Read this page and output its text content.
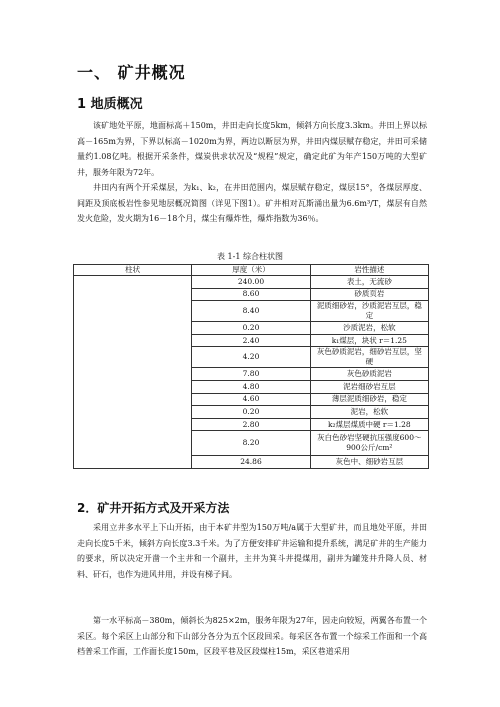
一、 矿井概况
1 地质概况

该矿地处平原，地面标高＋150m，井田走向长度5km，倾斜方向长度3.3km。井田上界以标高－165m为界，下界以标高－1020m为界，两边以断层为界，井田内煤层赋存稳定，井田可采储量约1.08亿吨。根据开采条件，煤炭供求状况及“规程”规定，确定此矿为年产150万吨的大型矿井，服务年限为72年。

井田内有两个开采煤层，为k₁、k₂，在井田范围内，煤层赋存稳定，煤层15°，各煤层厚度、间距及顶底板岩性参见地层概况简图（详见下图1）。矿井相对瓦斯涌出量为6.6m³/T，煤层有自然发火危险，发火期为16－18个月，煤尘有爆炸性，爆炸指数为36％。

表 1-1 综合柱状图

柱状	厚度（米）	岩性描述
	240.00	表土，无流砂
	8.60	砂质页岩
	8.40	泥质细砂岩，沙质泥岩互层，稳定
	0.20	沙质泥岩，松软
	2.40	k₁煤层，块状 r＝1.25
	4.20	灰色砂质泥岩，细砂岩互层，坚硬
	7.80	灰色砂质泥岩
	4.80	泥岩细砂岩互层
	4.60	薄层泥质细砂岩，稳定
	0.20	泥岩，松软
	2.80	k₂煤层煤质中硬 r＝1.28
	8.20	灰白色砂岩坚硬抗压强度600～900公斤/cm²
	24.86	灰色中、细砂岩互层
2．矿井开拓方式及开采方法

采用立井多水平上下山开拓，由于本矿井型为150万吨/a属于大型矿井，而且地处平原，井田走向长度5千米，倾斜方向长度3.3千米。为了方便安排矿井运输和提升系统，满足矿井的生产能力的要求，所以决定开凿一个主井和一个副井，主井为箕斗井提煤用，副井为罐笼井升降人员、材料、矸石，也作为进风井用，并设有梯子间。

第一水平标高－380m，倾斜长为825×2m，服务年限为27年，因走向较短，两翼各布置一个采区。每个采区上山部分和下山部分各分为五个区段回采。每采区各布置一个综采工作面和一个高档普采工作面，工作面长度150m，区段平巷及区段煤柱15m，采区巷道采用
